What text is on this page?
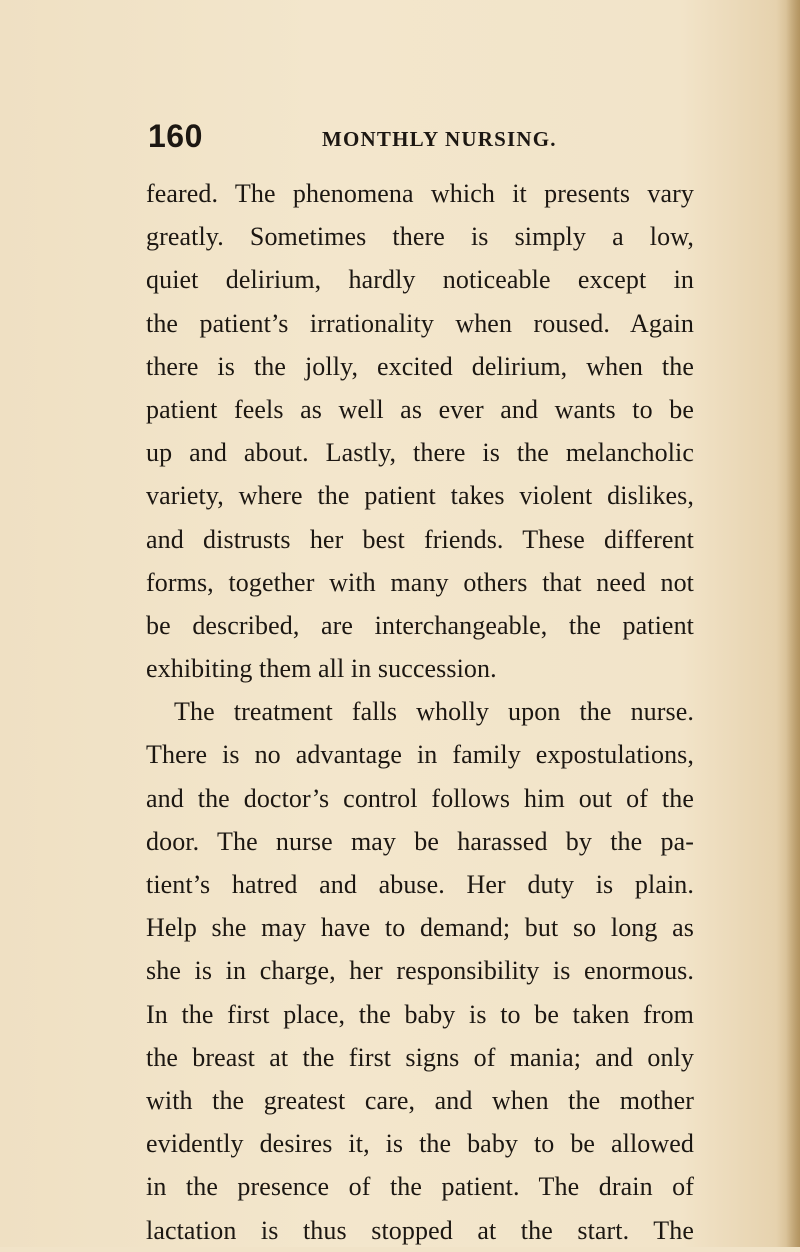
160	MONTHLY NURSING.
feared. The phenomena which it presents vary
greatly. Sometimes there is simply a low,
quiet delirium, hardly noticeable except in
the patient’s irrationality when roused. Again
there is the jolly, excited delirium, when the
patient feels as well as ever and wants to be
up and about. Lastly, there is the melancholic
variety, where the patient takes violent dislikes,
and distrusts her best friends. These different
forms, together with many others that need not
be described, are interchangeable, the patient
exhibiting them all in succession.
The treatment falls wholly upon the nurse.
There is no advantage in family expostulations,
and the doctor’s control follows him out of the
door. The nurse may be harassed by the pa-
tient’s hatred and abuse. Her duty is plain.
Help she may have to demand; but so long as
she is in charge, her responsibility is enormous.
In the first place, the baby is to be taken from
the breast at the first signs of mania; and only
with the greatest care, and when the mother
evidently desires it, is the baby to be allowed
in the presence of the patient. The drain of
lactation is thus stopped at the start. The
